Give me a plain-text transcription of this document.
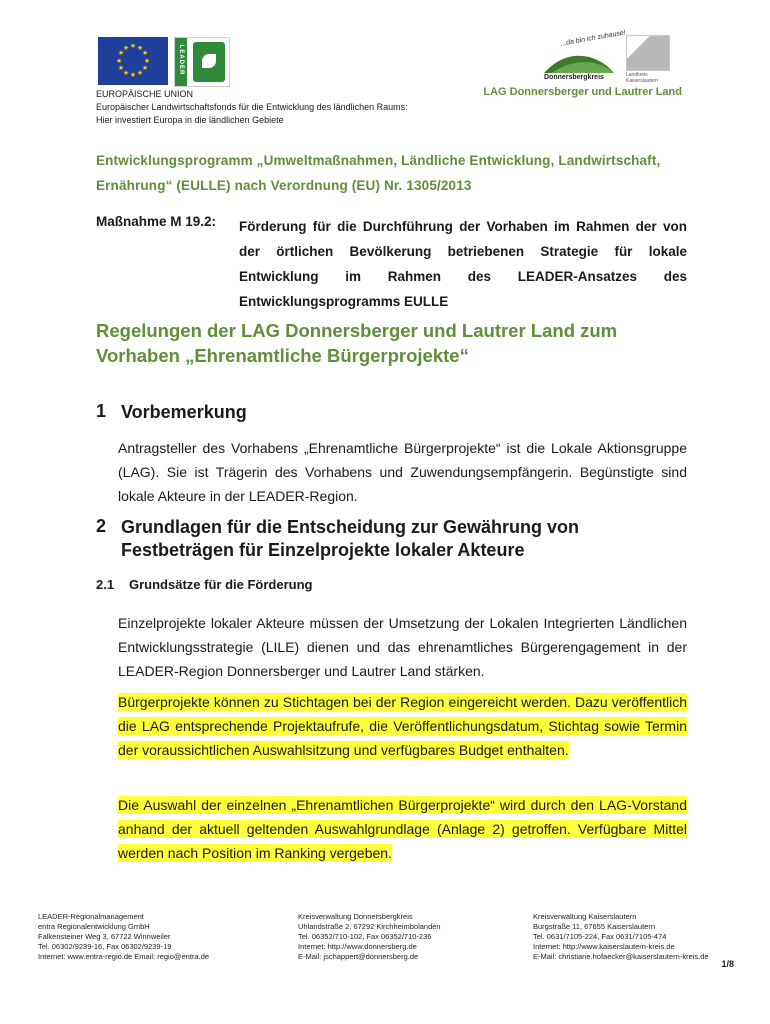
★ ★
★
★
★
★
★
★
★
★
★
★	LEADER
...da bin ich zuhause!
Donnersbergkreis	Landkreis Kaiserslautern
EUROPÄISCHE UNION
Europäischer Landwirtschaftsfonds für die Entwicklung des ländlichen Raums:
Hier investiert Europa in die ländlichen Gebiete
LAG Donnersberger und Lautrer Land
Entwicklungsprogramm „Umweltmaßnahmen, Ländliche Entwicklung, Landwirtschaft, Ernährung“ (EULLE) nach Verordnung (EU) Nr. 1305/2013
Maßnahme M 19.2: Förderung für die Durchführung der Vorhaben im Rahmen der von der örtlichen Bevölkerung betriebenen Strategie für lokale Entwicklung im Rahmen des LEADER-Ansatzes des Entwicklungsprogramms EULLE
Regelungen der LAG Donnersberger und Lautrer Land zum Vorhaben „Ehrenamtliche Bürgerprojekte“
1 Vorbemerkung
Antragsteller des Vorhabens „Ehrenamtliche Bürgerprojekte“ ist die Lokale Aktionsgruppe (LAG). Sie ist Trägerin des Vorhabens und Zuwendungsempfängerin. Begünstigte sind lokale Akteure in der LEADER-Region.
2 Grundlagen für die Entscheidung zur Gewährung von Festbeträgen für Einzelprojekte lokaler Akteure
2.1 Grundsätze für die Förderung
Einzelprojekte lokaler Akteure müssen der Umsetzung der Lokalen Integrierten Ländlichen Entwicklungsstrategie (LILE) dienen und das ehrenamtliches Bürgerengagement in der LEADER-Region Donnersberger und Lautrer Land stärken.
Bürgerprojekte können zu Stichtagen bei der Region eingereicht werden. Dazu veröffentlich die LAG entsprechende Projektaufrufe, die Veröffentlichungsdatum, Stichtag sowie Termin der voraussichtlichen Auswahlsitzung und verfügbares Budget enthalten.
Die Auswahl der einzelnen „Ehrenamtlichen Bürgerprojekte“ wird durch den LAG-Vorstand anhand der aktuell geltenden Auswahlgrundlage (Anlage 2) getroffen. Verfügbare Mittel werden nach Position im Ranking vergeben.
LEADER-Regionalmanagement
entra Regionalentwicklung GmbH
Falkensteiner Weg 3, 67722 Winnweiler
Tel. 06302/9239-16, Fax 06302/9239-19
Internet: www.entra-regio.de Email: regio@entra.de
Kreisverwaltung Donnersbergkreis
Uhlandstraße 2, 67292 Kirchheimbolanden
Tel. 06352/710-102, Fax 06352/710-236
Internet: http://www.donnersberg.de
E-Mail: jschappert@donnersberg.de
Kreisverwaltung Kaiserslautern
Burgstraße 11, 67655 Kaiserslautern
Tel. 0631/7105-224, Fax 0631/7105-474
Internet: http://www.kaiserslautern-kreis.de
E-Mail: christiane.hofaecker@kaiserslautern-kreis.de
1/8
